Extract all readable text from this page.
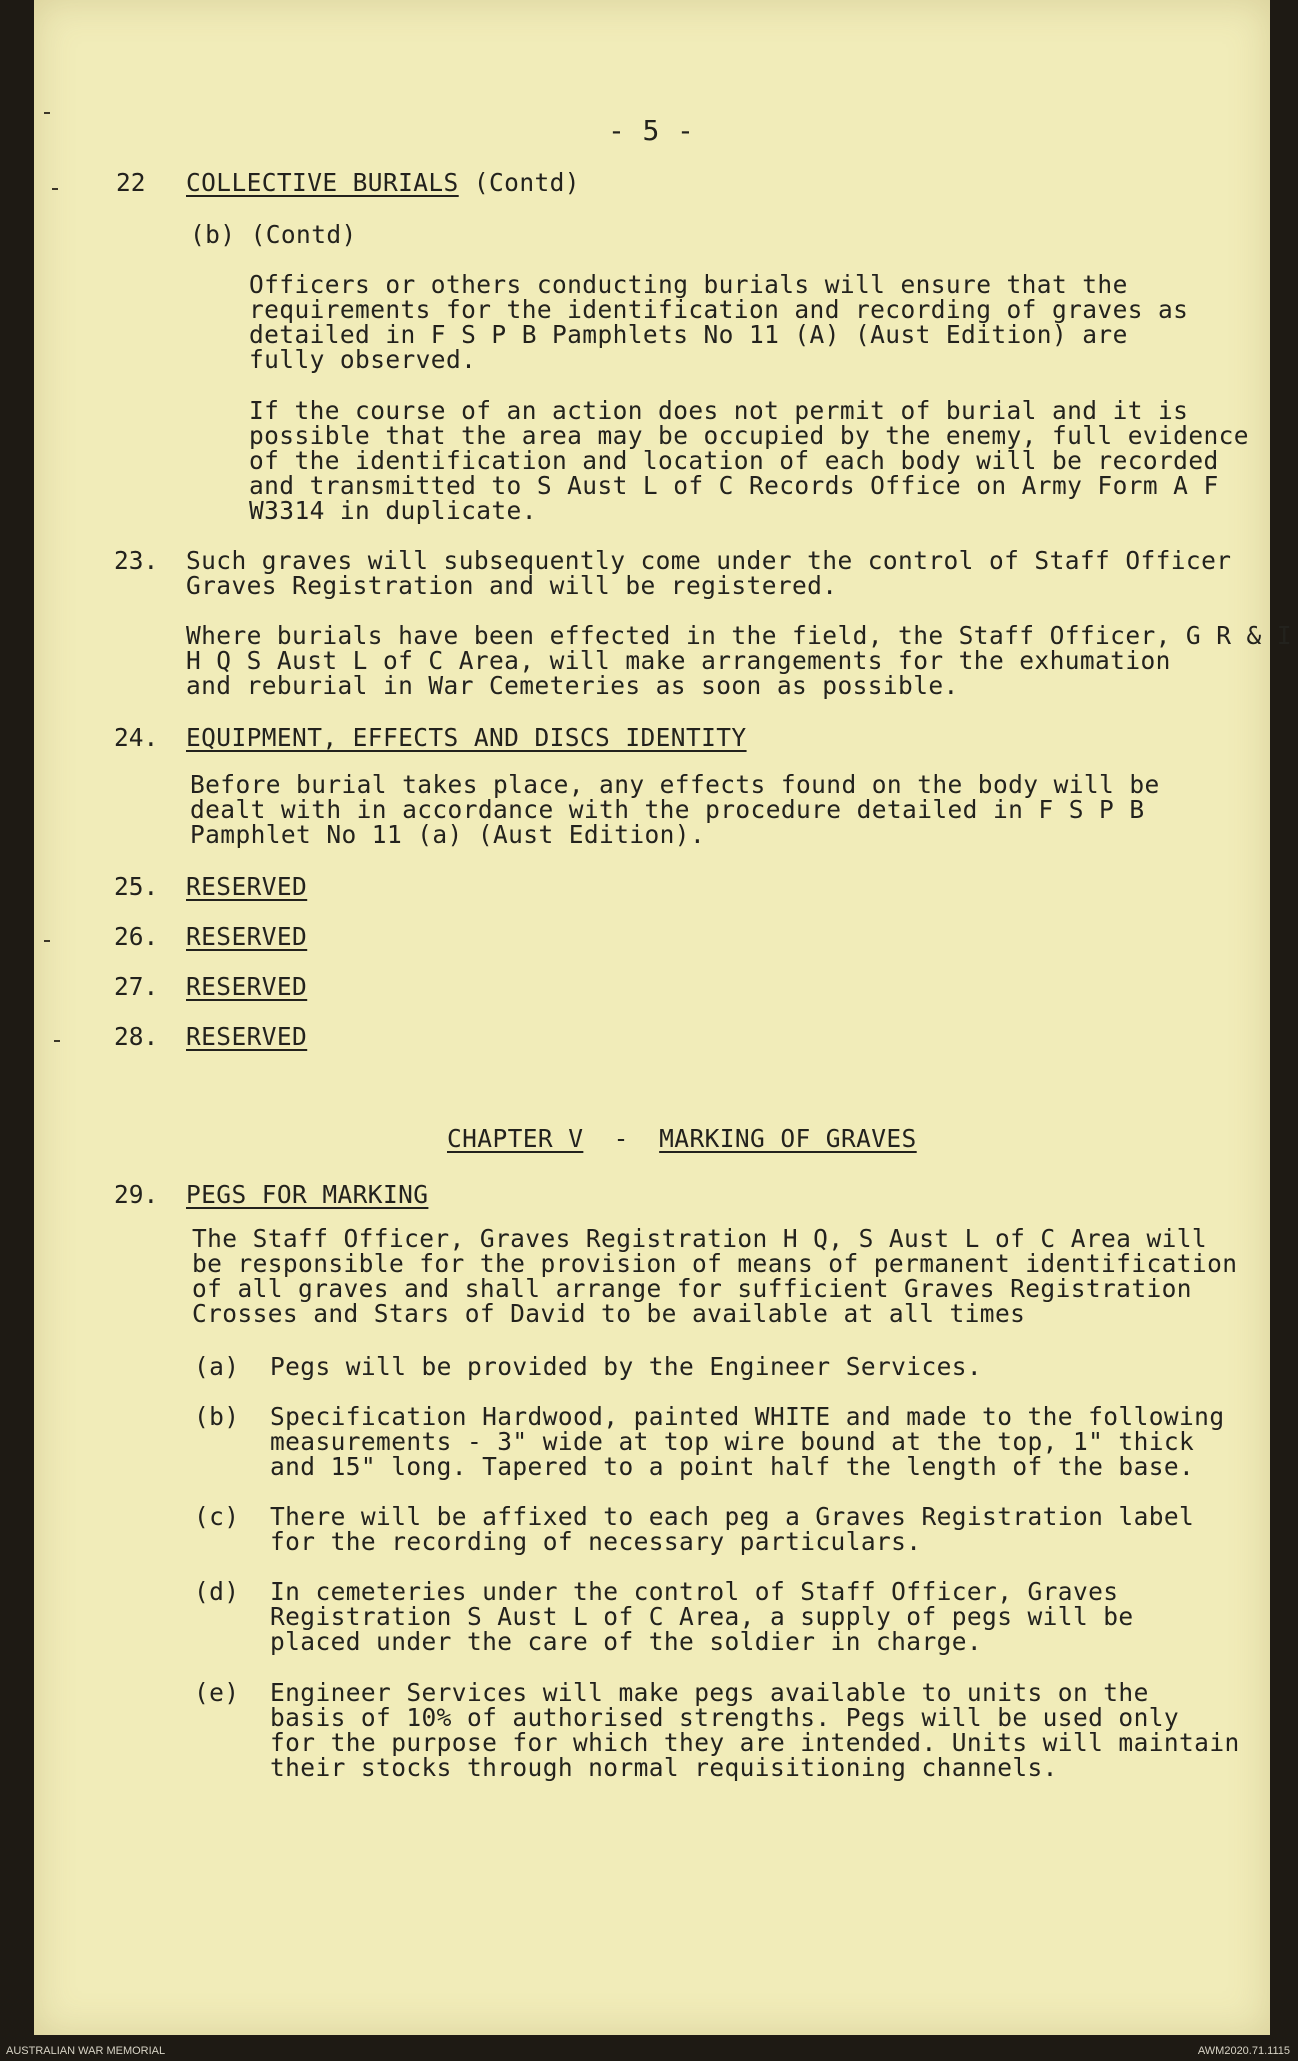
- 5 -

22 COLLECTIVE BURIALS (Contd)

(b) (Contd)

Officers or others conducting burials will ensure that the

requirements for the identification and recording of graves as

detailed in F S P B Pamphlets No 11 (A) (Aust Edition) are

fully observed.

If the course of an action does not permit of burial and it is

possible that the area may be occupied by the enemy, full evidence

of the identification and location of each body will be recorded

and transmitted to S Aust L of C Records Office on Army Form A F

W3314 in duplicate.

23. Such graves will subsequently come under the control of Staff Officer

Graves Registration and will be registered.

Where burials have been effected in the field, the Staff Officer, G R & I

H Q S Aust L of C Area, will make arrangements for the exhumation

and reburial in War Cemeteries as soon as possible.

24. EQUIPMENT, EFFECTS AND DISCS IDENTITY

Before burial takes place, any effects found on the body will be

dealt with in accordance with the procedure detailed in F S P B

Pamphlet No 11 (a) (Aust Edition).

25. RESERVED

26. RESERVED

27. RESERVED

28. RESERVED

CHAPTER V - MARKING OF GRAVES

29. PEGS FOR MARKING

The Staff Officer, Graves Registration H Q, S Aust L of C Area will

be responsible for the provision of means of permanent identification

of all graves and shall arrange for sufficient Graves Registration

Crosses and Stars of David to be available at all times

(a) Pegs will be provided by the Engineer Services.

(b) Specification Hardwood, painted WHITE and made to the following

measurements - 3" wide at top wire bound at the top, 1" thick

and 15" long. Tapered to a point half the length of the base.

(c) There will be affixed to each peg a Graves Registration label

for the recording of necessary particulars.

(d) In cemeteries under the control of Staff Officer, Graves

Registration S Aust L of C Area, a supply of pegs will be

placed under the care of the soldier in charge.

(e) Engineer Services will make pegs available to units on the

basis of 10% of authorised strengths. Pegs will be used only

for the purpose for which they are intended. Units will maintain

their stocks through normal requisitioning channels.

AUSTRALIAN WAR MEMORIAL	AWM2020.71.1115
